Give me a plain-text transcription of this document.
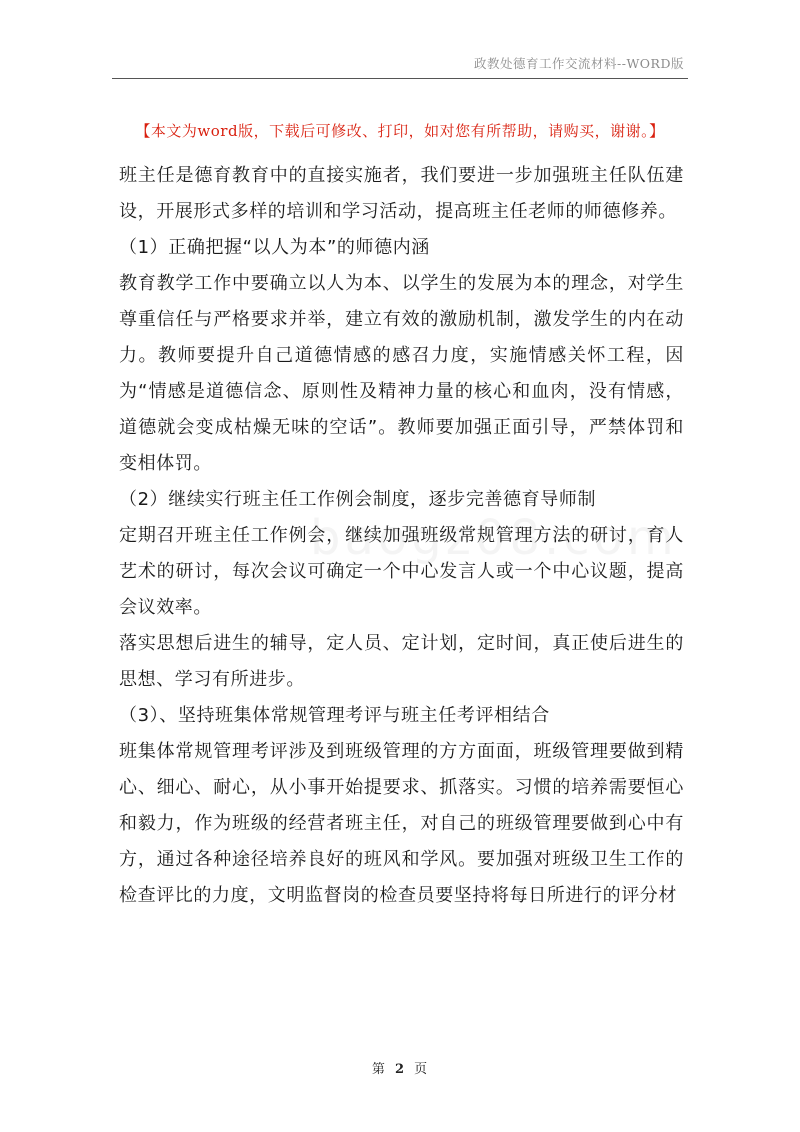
政教处德育工作交流材料--WORD版
【本文为word版，下载后可修改、打印，如对您有所帮助，请购买，谢谢。】

班主任是德育教育中的直接实施者，我们要进一步加强班主任队伍建设，开展形式多样的培训和学习活动，提高班主任老师的师德修养。

（1）正确把握“以人为本”的师德内涵

教育教学工作中要确立以人为本、以学生的发展为本的理念，对学生尊重信任与严格要求并举，建立有效的激励机制，激发学生的内在动力。教师要提升自己道德情感的感召力度，实施情感关怀工程，因为“情感是道德信念、原则性及精神力量的核心和血肉，没有情感，道德就会变成枯燥无味的空话”。教师要加强正面引导，严禁体罚和变相体罚。

（2）继续实行班主任工作例会制度，逐步完善德育导师制

定期召开班主任工作例会，继续加强班级常规管理方法的研讨，育人艺术的研讨，每次会议可确定一个中心发言人或一个中心议题，提高会议效率。

落实思想后进生的辅导，定人员、定计划，定时间，真正使后进生的思想、学习有所进步。

（3）、坚持班集体常规管理考评与班主任考评相结合

班集体常规管理考评涉及到班级管理的方方面面，班级管理要做到精心、细心、耐心，从小事开始提要求、抓落实。习惯的培养需要恒心和毅力，作为班级的经营者班主任，对自己的班级管理要做到心中有方，通过各种途径培养良好的班风和学风。要加强对班级卫生工作的检查评比的力度，文明监督岗的检查员要坚持将每日所进行的评分材

第 2 页
